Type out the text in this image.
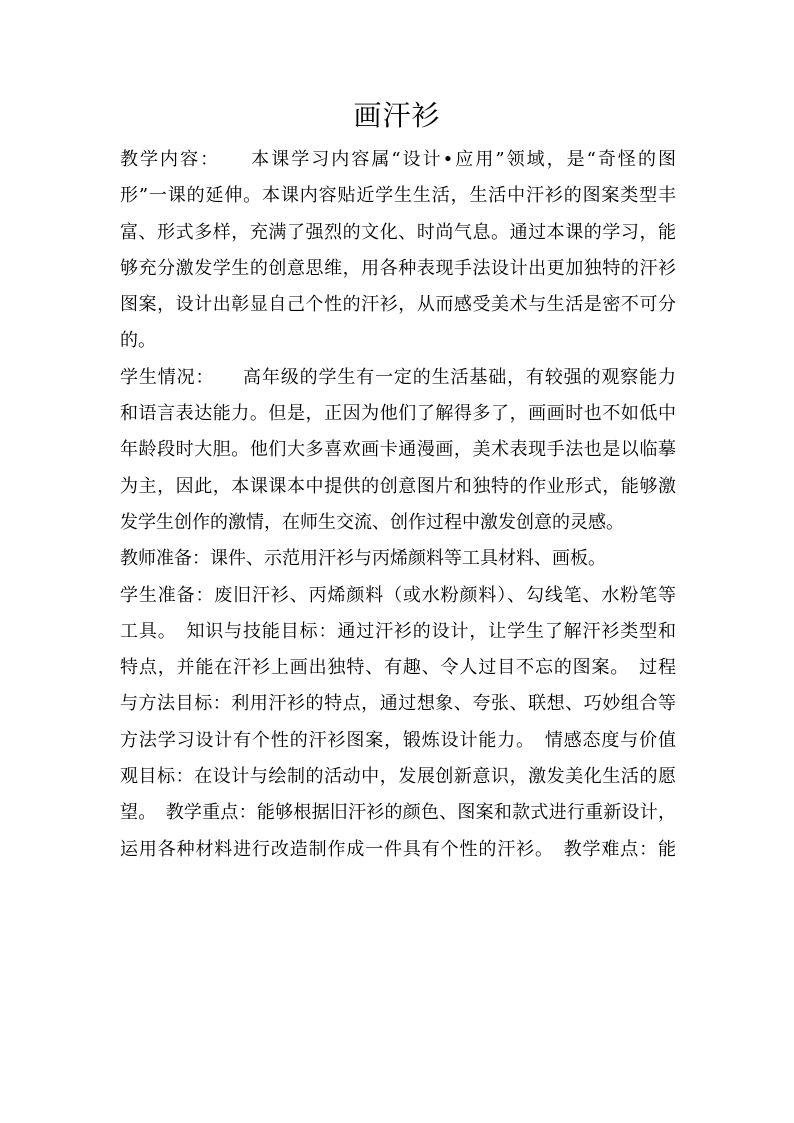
画汗衫
教学内容：　　本课学习内容属“设计•应用”领域，是“奇怪的图
形”一课的延伸。本课内容贴近学生生活，生活中汗衫的图案类型丰
富、形式多样，充满了强烈的文化、时尚气息。通过本课的学习，能
够充分激发学生的创意思维，用各种表现手法设计出更加独特的汗衫
图案，设计出彰显自己个性的汗衫，从而感受美术与生活是密不可分
的。
学生情况：　　高年级的学生有一定的生活基础，有较强的观察能力
和语言表达能力。但是，正因为他们了解得多了，画画时也不如低中
年龄段时大胆。他们大多喜欢画卡通漫画，美术表现手法也是以临摹
为主，因此，本课课本中提供的创意图片和独特的作业形式，能够激
发学生创作的激情，在师生交流、创作过程中激发创意的灵感。
教师准备：课件、示范用汗衫与丙烯颜料等工具材料、画板。
学生准备：废旧汗衫、丙烯颜料（或水粉颜料）、勾线笔、水粉笔等
工具。　知识与技能目标：通过汗衫的设计，让学生了解汗衫类型和
特点，并能在汗衫上画出独特、有趣、令人过目不忘的图案。　过程
与方法目标：利用汗衫的特点，通过想象、夸张、联想、巧妙组合等
方法学习设计有个性的汗衫图案，锻炼设计能力。　情感态度与价值
观目标：在设计与绘制的活动中，发展创新意识，激发美化生活的愿
望。　教学重点：能够根据旧汗衫的颜色、图案和款式进行重新设计，
运用各种材料进行改造制作成一件具有个性的汗衫。　教学难点：能
